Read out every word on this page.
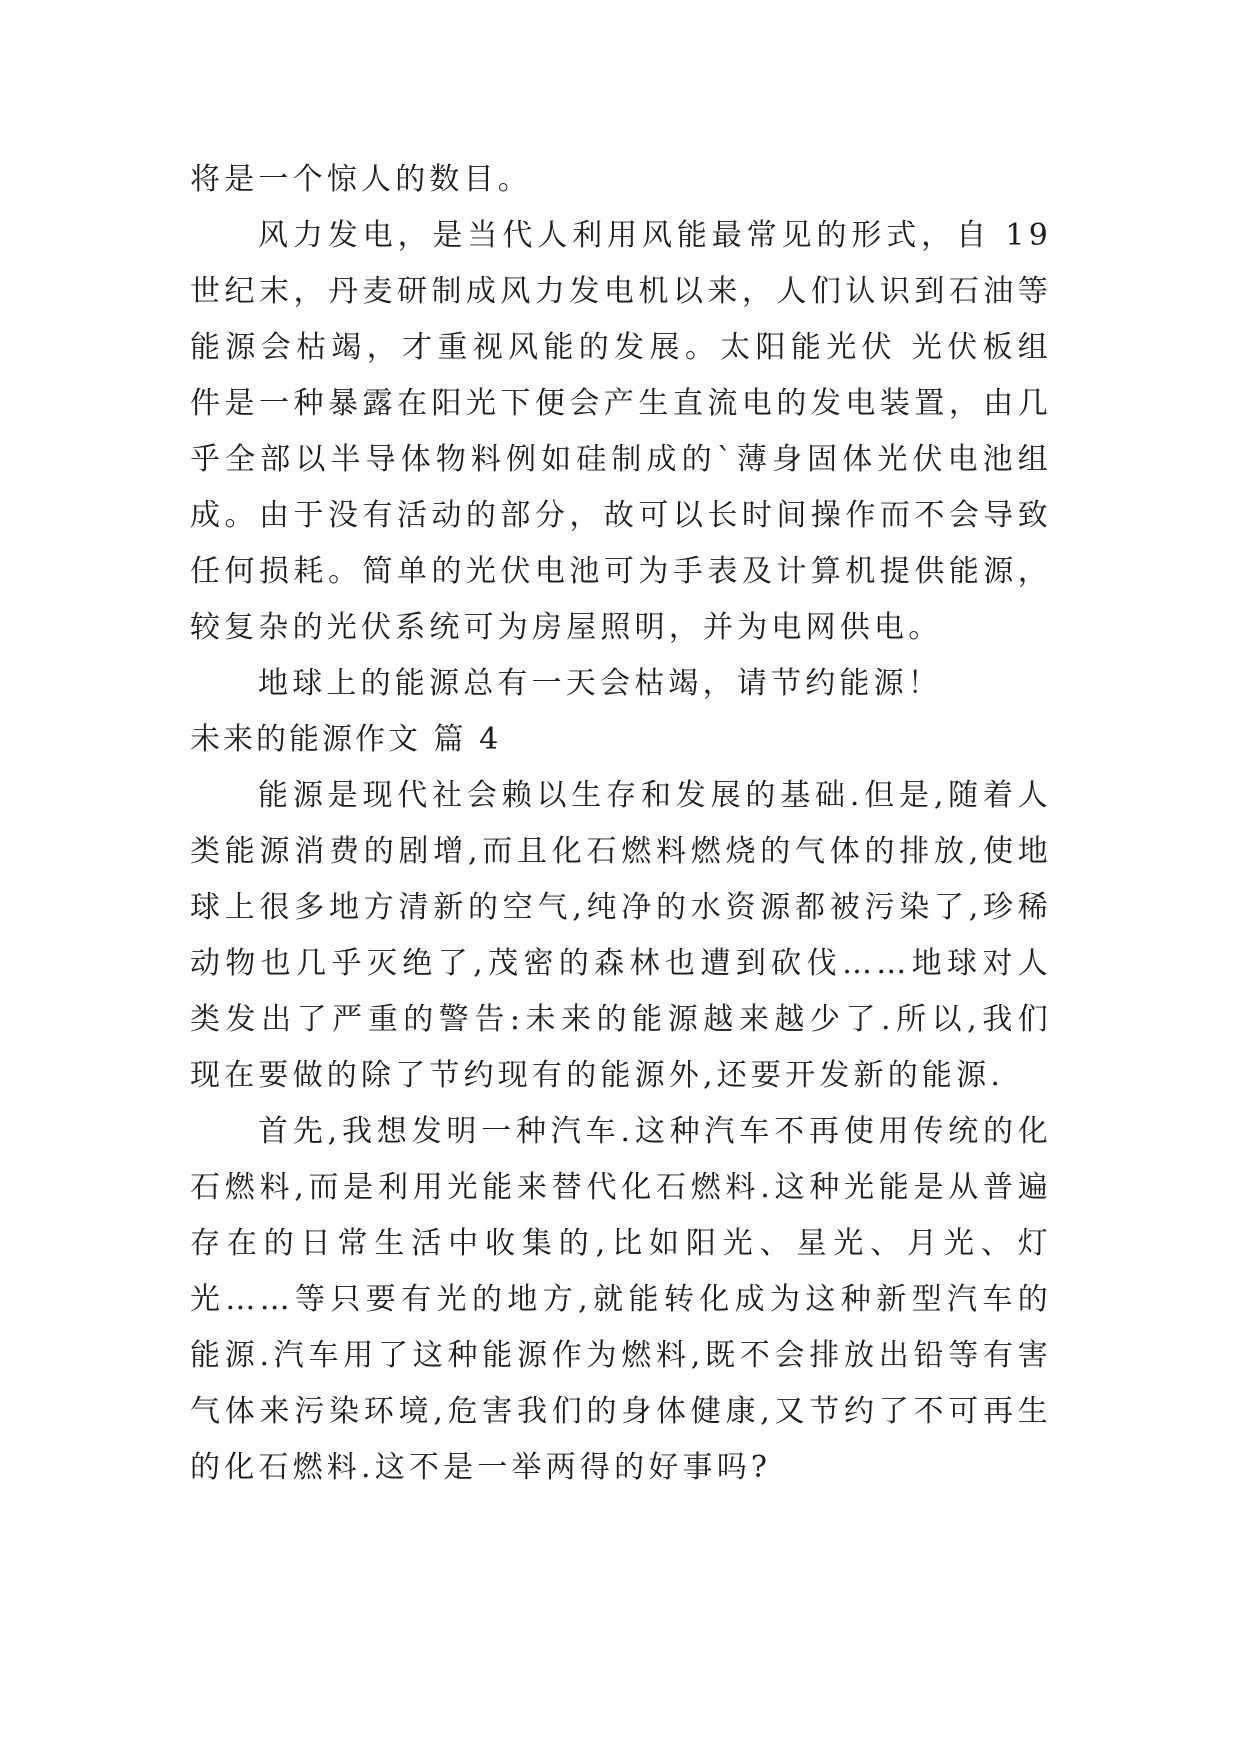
将是一个惊人的数目。

风力发电，是当代人利用风能最常见的形式，自 19 世纪末，丹麦研制成风力发电机以来，人们认识到石油等能源会枯竭，才重视风能的发展。太阳能光伏 光伏板组件是一种暴露在阳光下便会产生直流电的发电装置，由几乎全部以半导体物料例如硅制成的`薄身固体光伏电池组成。由于没有活动的部分，故可以长时间操作而不会导致任何损耗。简单的光伏电池可为手表及计算机提供能源，较复杂的光伏系统可为房屋照明，并为电网供电。

地球上的能源总有一天会枯竭，请节约能源！

未来的能源作文 篇 4

能源是现代社会赖以生存和发展的基础.但是,随着人类能源消费的剧增,而且化石燃料燃烧的气体的排放,使地球上很多地方清新的空气,纯净的水资源都被污染了,珍稀动物也几乎灭绝了,茂密的森林也遭到砍伐……地球对人类发出了严重的警告:未来的能源越来越少了.所以,我们现在要做的除了节约现有的能源外,还要开发新的能源.

首先,我想发明一种汽车.这种汽车不再使用传统的化石燃料,而是利用光能来替代化石燃料.这种光能是从普遍存在的日常生活中收集的,比如阳光、星光、月光、灯光……等只要有光的地方,就能转化成为这种新型汽车的能源.汽车用了这种能源作为燃料,既不会排放出铅等有害气体来污染环境,危害我们的身体健康,又节约了不可再生的化石燃料.这不是一举两得的好事吗?
